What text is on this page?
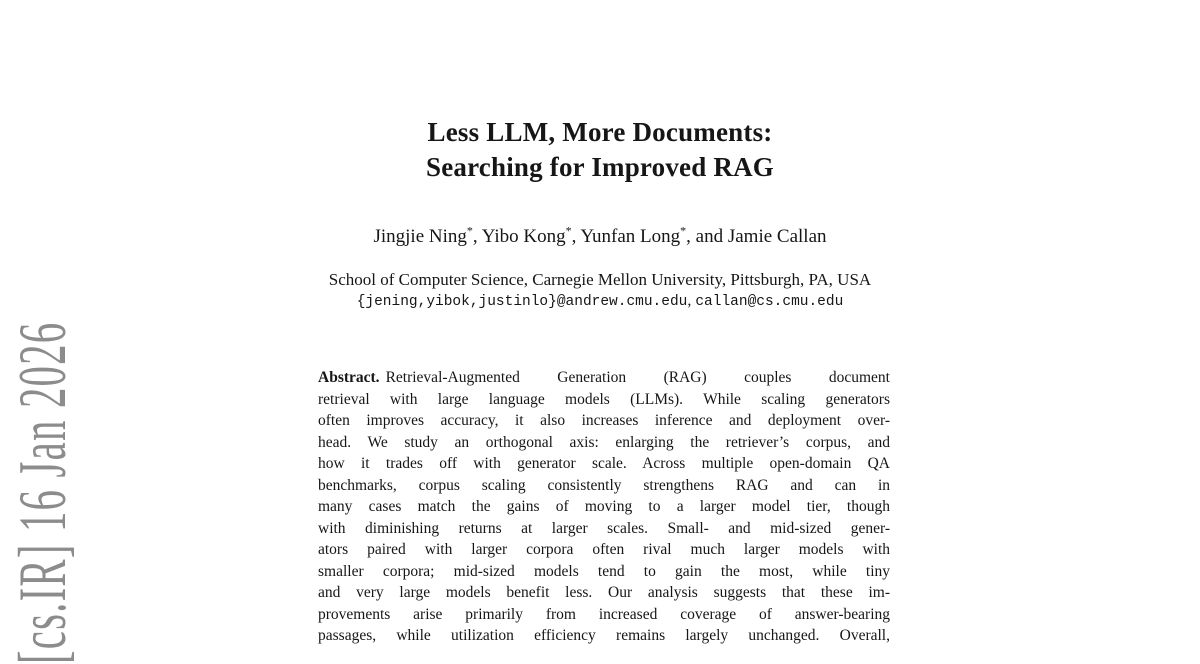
[cs.IR] 16 Jan 2026
Less LLM, More Documents:
Searching for Improved RAG
Jingjie Ning*, Yibo Kong*, Yunfan Long*, and Jamie Callan
School of Computer Science, Carnegie Mellon University, Pittsburgh, PA, USA
{jening,yibok,justinlo}@andrew.cmu.edu, callan@cs.cmu.edu
Abstract. Retrieval-Augmented Generation (RAG) couples document
retrieval with large language models (LLMs). While scaling generators
often improves accuracy, it also increases inference and deployment over-
head. We study an orthogonal axis: enlarging the retriever’s corpus, and
how it trades off with generator scale. Across multiple open-domain QA
benchmarks, corpus scaling consistently strengthens RAG and can in
many cases match the gains of moving to a larger model tier, though
with diminishing returns at larger scales. Small- and mid-sized gener-
ators paired with larger corpora often rival much larger models with
smaller corpora; mid-sized models tend to gain the most, while tiny
and very large models benefit less. Our analysis suggests that these im-
provements arise primarily from increased coverage of answer-bearing
passages, while utilization efficiency remains largely unchanged. Overall,
